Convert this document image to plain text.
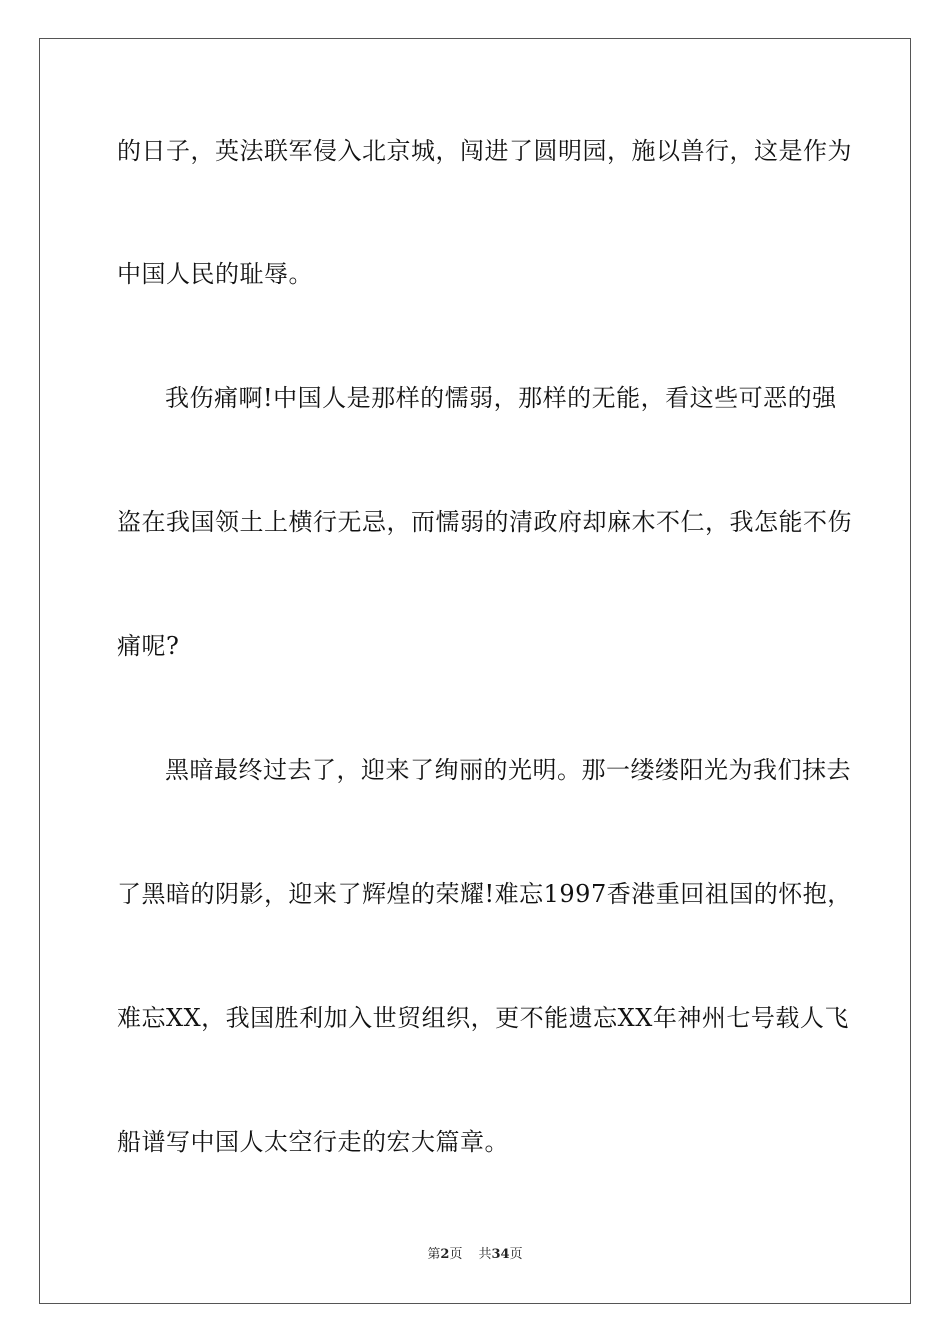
的日子，英法联军侵入北京城，闯进了圆明园，施以兽行，这是作为
中国人民的耻辱。
我伤痛啊!中国人是那样的懦弱，那样的无能，看这些可恶的强
盗在我国领土上横行无忌，而懦弱的清政府却麻木不仁，我怎能不伤
痛呢?
黑暗最终过去了，迎来了绚丽的光明。那一缕缕阳光为我们抹去
了黑暗的阴影，迎来了辉煌的荣耀!难忘1997香港重回祖国的怀抱，
难忘XX，我国胜利加入世贸组织，更不能遗忘XX年神州七号载人飞
船谱写中国人太空行走的宏大篇章。
第2页 共34页
